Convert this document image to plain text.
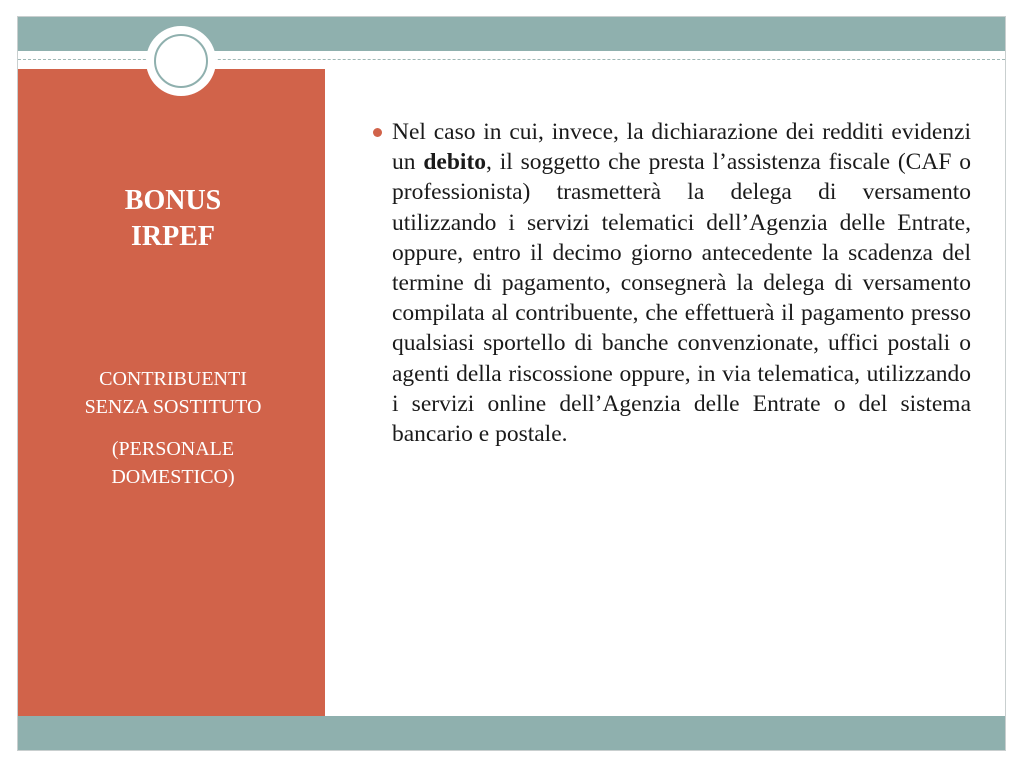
BONUS
IRPEF

CONTRIBUENTI
SENZA SOSTITUTO

(PERSONALE
DOMESTICO)

Nel caso in cui, invece, la dichiarazione dei redditi evidenzi un debito, il soggetto che presta l’assistenza fiscale (CAF o professionista) trasmetterà la delega di versamento utilizzando i servizi telematici dell’Agenzia delle Entrate, oppure, entro il decimo giorno antecedente la scadenza del termine di pagamento, consegnerà la delega di versamento compilata al contribuente, che effettuerà il pagamento presso qualsiasi sportello di banche convenzionate, uffici postali o agenti della riscossione oppure, in via telematica, utilizzando i servizi online dell’Agenzia delle Entrate o del sistema bancario e postale.
